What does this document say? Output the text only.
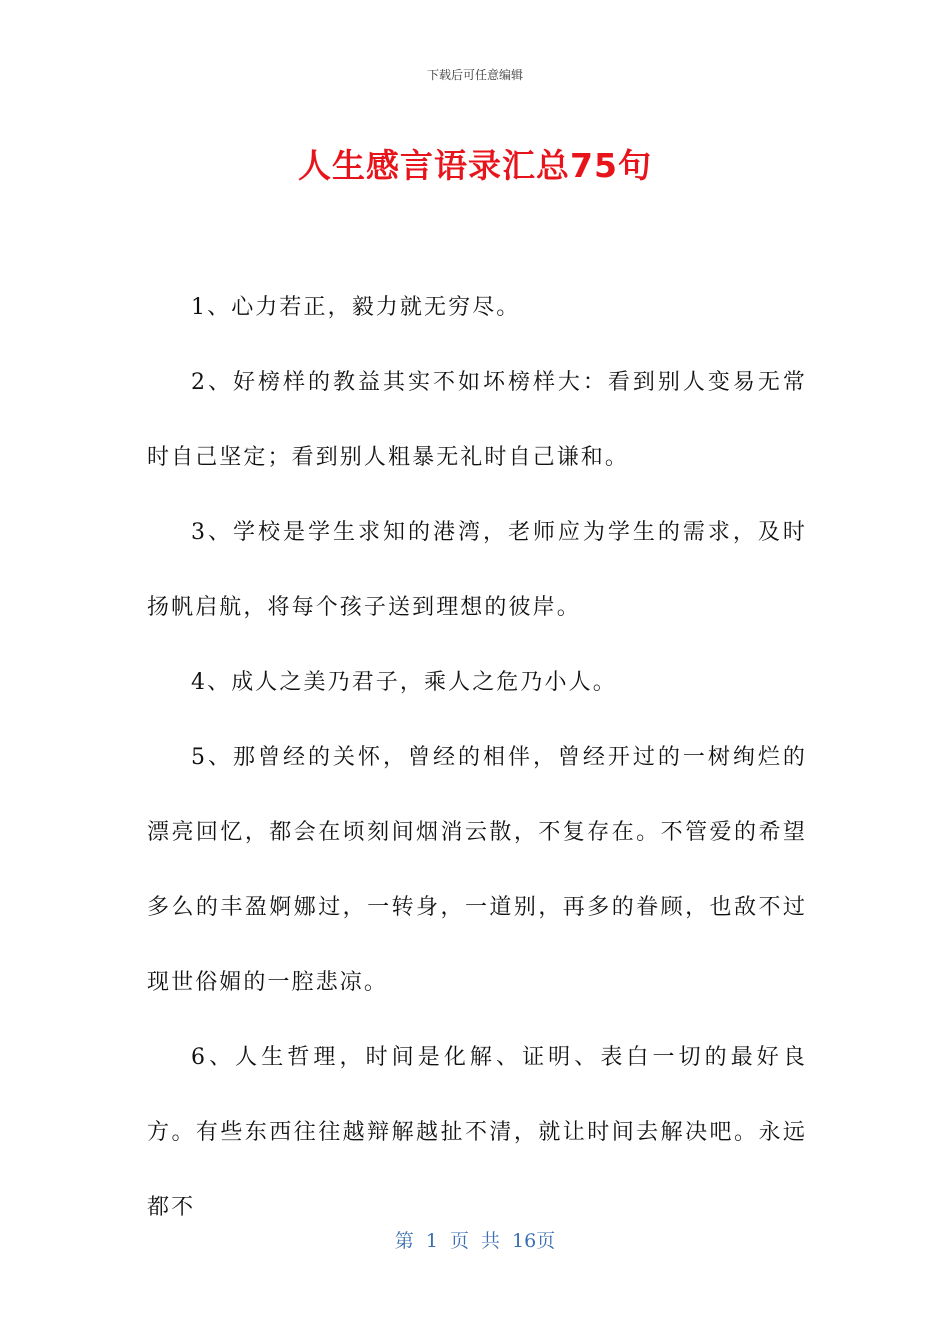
下载后可任意编辑
人生感言语录汇总75句

1、心力若正，毅力就无穷尽。

2、好榜样的教益其实不如坏榜样大：看到别人变易无常时自己坚定；看到别人粗暴无礼时自己谦和。

3、学校是学生求知的港湾，老师应为学生的需求，及时扬帆启航，将每个孩子送到理想的彼岸。

4、成人之美乃君子，乘人之危乃小人。

5、那曾经的关怀，曾经的相伴，曾经开过的一树绚烂的漂亮回忆，都会在顷刻间烟消云散，不复存在。不管爱的希望多么的丰盈婀娜过，一转身，一道别，再多的眷顾，也敌不过现世俗媚的一腔悲凉。

6、人生哲理，时间是化解、证明、表白一切的最好良方。有些东西往往越辩解越扯不清，就让时间去解决吧。永远都不

第 1 页 共 16页
